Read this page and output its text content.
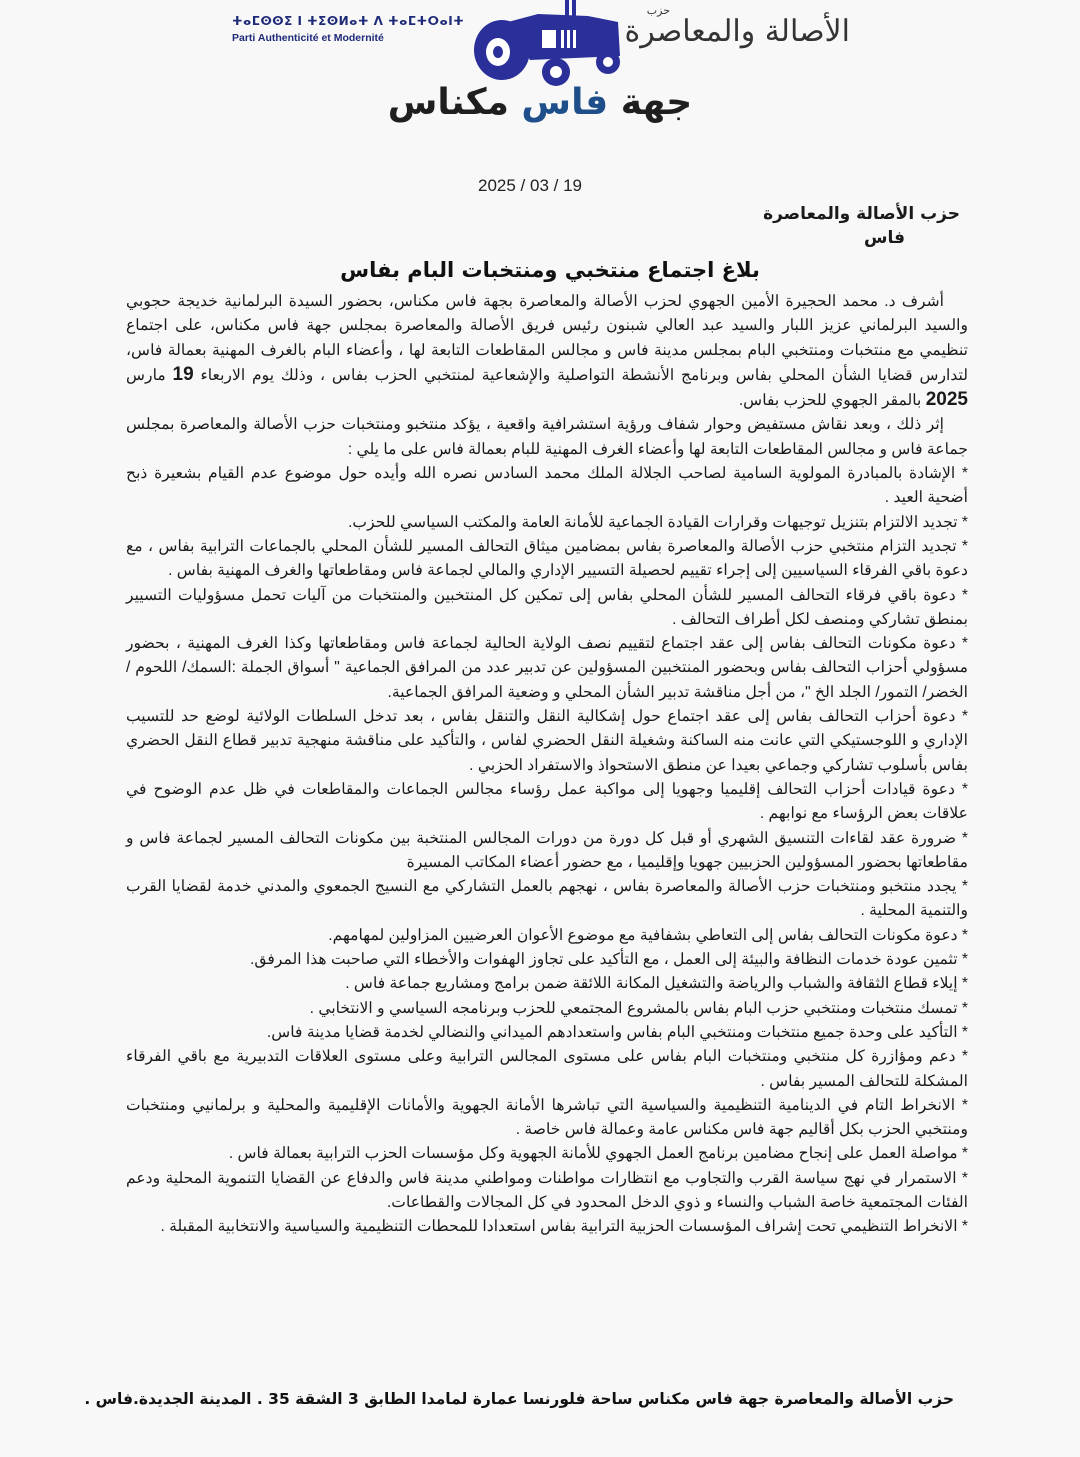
ⵜⴰⵎⵙⵙⵉ ⵏ ⵜⵉⵙⵍⴰⵜ ⴷ ⵜⴰⵎⵜⵔⴰⵏⵜ
Parti Authenticité et Modernité
حزب
الأصالة والمعاصرة
جهة فاس مكناس
2025 / 03 / 19
حزب الأصالة والمعاصرة
فاس
بلاغ اجتماع منتخبي ومنتخبات البام بفاس

أشرف د. محمد الحجيرة الأمين الجهوي لحزب الأصالة والمعاصرة بجهة فاس مكناس، بحضور السيدة البرلمانية خديجة حجوبي والسيد البرلماني عزيز اللبار والسيد عبد العالي شبنون رئيس فريق الأصالة والمعاصرة بمجلس جهة فاس مكناس، على اجتماع تنظيمي مع منتخبات ومنتخبي البام بمجلس مدينة فاس و مجالس المقاطعات التابعة لها ، وأعضاء البام بالغرف المهنية بعمالة فاس، لتدارس قضايا الشأن المحلي بفاس وبرنامج الأنشطة التواصلية والإشعاعية لمنتخبي الحزب بفاس ، وذلك يوم الاربعاء 19 مارس 2025 بالمقر الجهوي للحزب بفاس.

إثر ذلك ، وبعد نقاش مستفيض وحوار شفاف ورؤية استشرافية واقعية ، يؤكد منتخبو ومنتخبات حزب الأصالة والمعاصرة بمجلس جماعة فاس و مجالس المقاطعات التابعة لها وأعضاء الغرف المهنية للبام بعمالة فاس على ما يلي :

* الإشادة بالمبادرة المولوية السامية لصاحب الجلالة الملك محمد السادس نصره الله وأيده حول موضوع عدم القيام بشعيرة ذبح أضحية العيد .

* تجديد الالتزام بتنزيل توجيهات وقرارات القيادة الجماعية للأمانة العامة والمكتب السياسي للحزب.

* تجديد التزام منتخبي حزب الأصالة والمعاصرة بفاس بمضامين ميثاق التحالف المسير للشأن المحلي بالجماعات الترابية بفاس ، مع دعوة باقي الفرقاء السياسيين إلى إجراء تقييم لحصيلة التسيير الإداري والمالي لجماعة فاس ومقاطعاتها والغرف المهنية بفاس .

* دعوة باقي فرقاء التحالف المسير للشأن المحلي بفاس إلى تمكين كل المنتخبين والمنتخبات من آليات تحمل مسؤوليات التسيير بمنطق تشاركي ومنصف لكل أطراف التحالف .

* دعوة مكونات التحالف بفاس إلى عقد اجتماع لتقييم نصف الولاية الحالية لجماعة فاس ومقاطعاتها وكذا الغرف المهنية ، بحضور مسؤولي أحزاب التحالف بفاس وبحضور المنتخبين المسؤولين عن تدبير عدد من المرافق الجماعية " أسواق الجملة :السمك/ اللحوم / الخضر/ التمور/ الجلد الخ "، من أجل مناقشة تدبير الشأن المحلي و وضعية المرافق الجماعية.

* دعوة أحزاب التحالف بفاس إلى عقد اجتماع حول إشكالية النقل والتنقل بفاس ، بعد تدخل السلطات الولائية لوضع حد للتسيب الإداري و اللوجستيكي التي عانت منه الساكنة وشغيلة النقل الحضري لفاس ، والتأكيد على مناقشة منهجية تدبير قطاع النقل الحضري بفاس بأسلوب تشاركي وجماعي بعيدا عن منطق الاستحواذ والاستفراد الحزبي .

* دعوة قيادات أحزاب التحالف إقليميا وجهويا إلى مواكبة عمل رؤساء مجالس الجماعات والمقاطعات في ظل عدم الوضوح في علاقات بعض الرؤساء مع نوابهم .

* ضرورة عقد لقاءات التنسيق الشهري أو قبل كل دورة من دورات المجالس المنتخبة بين مكونات التحالف المسير لجماعة فاس و مقاطعاتها بحضور المسؤولين الحزبيين جهويا وإقليميا ، مع حضور أعضاء المكاتب المسيرة

* يجدد منتخبو ومنتخبات حزب الأصالة والمعاصرة بفاس ، نهجهم بالعمل التشاركي مع النسيج الجمعوي والمدني خدمة لقضايا القرب والتنمية المحلية .

* دعوة مكونات التحالف بفاس إلى التعاطي بشفافية مع موضوع الأعوان العرضيين المزاولين لمهامهم.

* تثمين عودة خدمات النظافة والبيئة إلى العمل ، مع التأكيد على تجاوز الهفوات والأخطاء التي صاحبت هذا المرفق.

* إيلاء قطاع الثقافة والشباب والرياضة والتشغيل المكانة اللائقة ضمن برامج ومشاريع جماعة فاس .

* تمسك منتخبات ومنتخبي حزب البام بفاس بالمشروع المجتمعي للحزب وبرنامجه السياسي و الانتخابي .

* التأكيد على وحدة جميع منتخبات ومنتخبي البام بفاس واستعدادهم الميداني والنضالي لخدمة قضايا مدينة فاس.

* دعم ومؤازرة كل منتخبي ومنتخبات البام بفاس على مستوى المجالس الترابية وعلى مستوى العلاقات التدبيرية مع باقي الفرقاء المشكلة للتحالف المسير بفاس .

* الانخراط التام في الدينامية التنظيمية والسياسية التي تباشرها الأمانة الجهوية والأمانات الإقليمية والمحلية و برلمانيي ومنتخبات ومنتخبي الحزب بكل أقاليم جهة فاس مكناس عامة وعمالة فاس خاصة .

* مواصلة العمل على إنجاح مضامين برنامج العمل الجهوي للأمانة الجهوية وكل مؤسسات الحزب الترابية بعمالة فاس .

* الاستمرار في نهج سياسة القرب والتجاوب مع انتظارات مواطنات ومواطني مدينة فاس والدفاع عن القضايا التنموية المحلية ودعم الفئات المجتمعية خاصة الشباب والنساء و ذوي الدخل المحدود في كل المجالات والقطاعات.

* الانخراط التنظيمي تحت إشراف المؤسسات الحزبية الترابية بفاس استعدادا للمحطات التنظيمية والسياسية والانتخابية المقبلة .

حزب الأصالة والمعاصرة جهة فاس مكناس ساحة فلورنسا عمارة لمامدا الطابق 3 الشقة 35 . المدينة الجديدة.فاس .
